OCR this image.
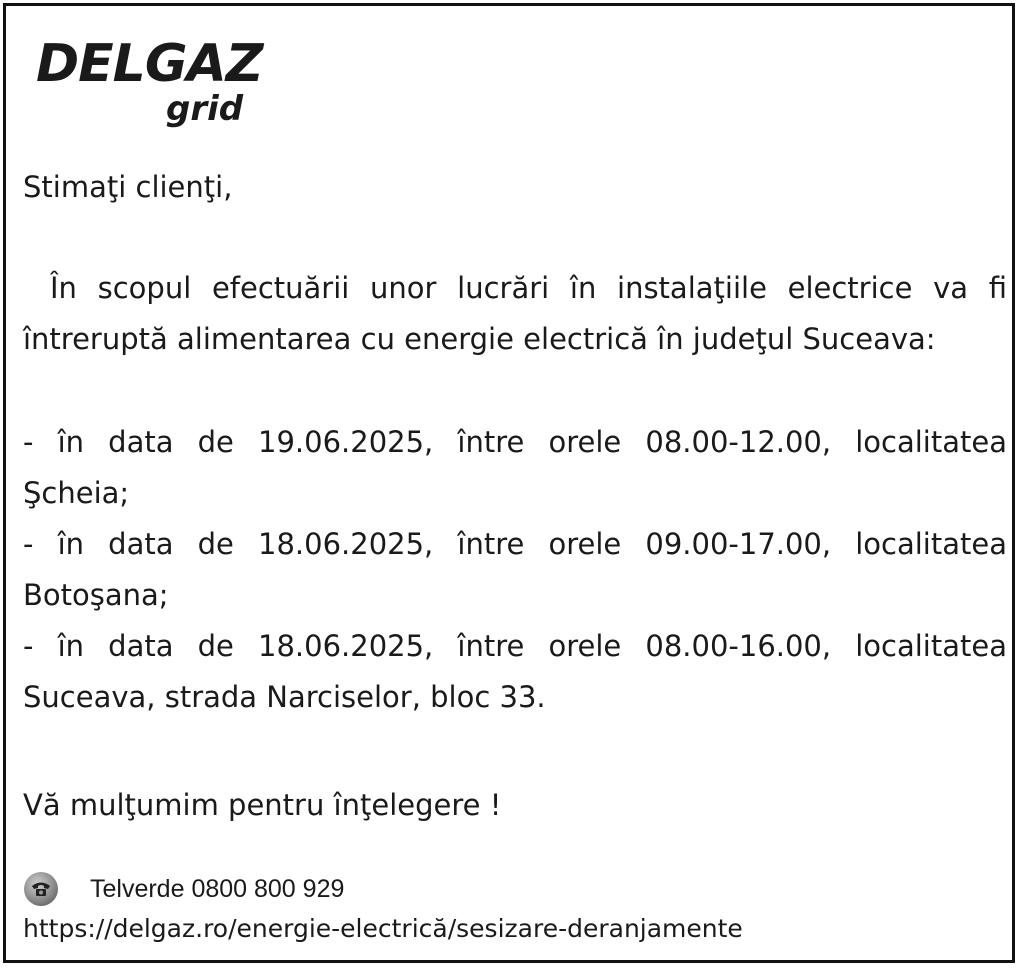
DELGAZ
grid
Stimaţi clienţi,
În scopul efectuării unor lucrări în instalaţiile electrice va fi
întreruptă alimentarea cu energie electrică în judeţul Suceava:
- în data de 19.06.2025, între orele 08.00-12.00, localitatea
Şcheia;
- în data de 18.06.2025, între orele 09.00-17.00, localitatea
Botoşana;
- în data de 18.06.2025, între orele 08.00-16.00, localitatea
Suceava, strada Narciselor, bloc 33.
Vă mulţumim pentru înţelegere !
Telverde 0800 800 929
https://delgaz.ro/energie-electrică/sesizare-deranjamente
